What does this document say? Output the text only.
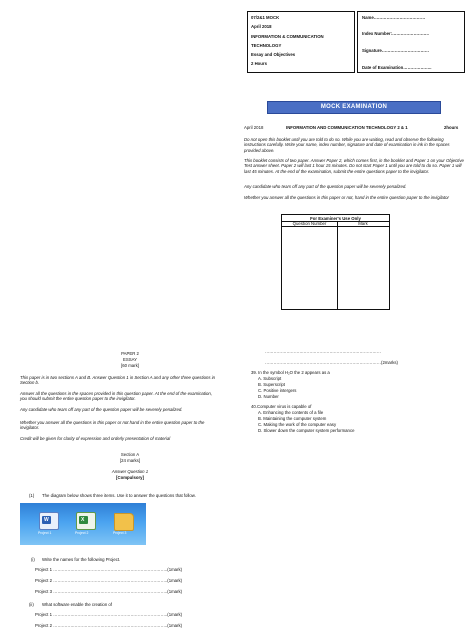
07/2&1 MOCK
April 2018
INFORMATION & COMMUNICATION
TECHNOLOGY
Essay and Objectives
2 Hours
Name………………………………
Index Number:……………………..
Signature……………………………
Date of Examination………………..
MOCK EXAMINATION
April 2018	INFORMATION AND COMMUNICATION TECHNOLOGY 2 & 1	2hours
Do not open this booklet until you are told to do so. While you are waiting, read and observe the following instructions carefully. Write your name, index number, signature and date of examination in ink in the spaces provided above.
This booklet consists of two paper. Answer Paper 2, which comes first, in the booklet and Paper 1 on your Objective Test answer sheet. Paper 2 will last 1 hour 15 minutes. Do not start Paper 1 until you are told to do so. Paper 1 will last 45 minutes. At the end of the examination, submit the entire questions paper to the invigilator.
Any candidate who tears off any part of the question paper will be severely penalized.
Whether you answer all the questions in this paper or not, hand in the entire question paper to the invigilator
For Examiner's Use Only
Question Number	Mark
PAPER 2
ESSAY
[60 mark]
This paper is in two sections A and B. Answer Question 1 in Section A and any other three questions in Section b.
Answer all the questions in the spaces provided in this question paper. At the end of the examination, you should submit the entire question paper to the invigilator.
Any candidate who tears off any part of the question paper will be severely penalized.
Whether you answer all the questions in this paper or not hand in the entire question paper to the invigilator.
Credit will be given for clarity of expression and orderly presentation of material
Section A
[24 marks]
Answer Question 1
[Compulsory]
(1) The diagram below shows three items. Use it to answer the questions that follow.
W
Project 1
X
Project 2	Project 3
(i) Write the names for the following Project.
Project 1 ……………………………………………………………………..(1mark)
Project 2 ……………………………………………………………………..(1mark)
Project 3 ……………………………………………………………………..(1mark)
(ii) What software enable the creation of
Project 1 ……………………………………………………………………..(1mark)
Project 2 ……………………………………………………………………..(1mark)
………………………………………………………………………
………………………………………………………………………(2marks)
39. In the symbol H₂O the 2 appears as a
A. Subscript
B. Superscript
C. Positive intergers
D. Number
40.Computer virus is capable of
A. Enhancing the contents of a file
B. Maintaining the computer system
C. Making the work of the computer easy
D. Slower down the computer system performance
